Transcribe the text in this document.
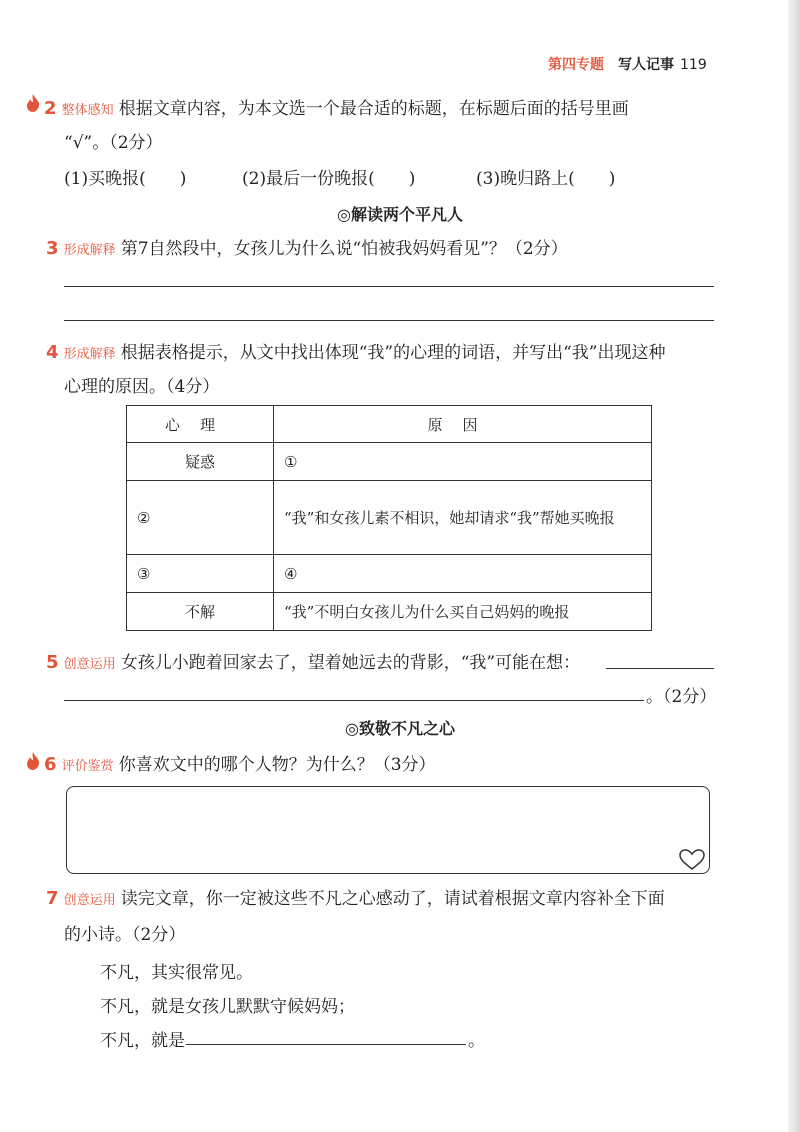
第四专题 写人记事 119
2 整体感知 根据文章内容，为本文选一个最合适的标题，在标题后面的括号里画
“√”。（2分）
(1)买晚报(　　)	(2)最后一份晚报(　　)	(3)晚归路上(　　)
◎解读两个平凡人
3 形成解释 第7自然段中，女孩儿为什么说“怕被我妈妈看见”？（2分）
4 形成解释 根据表格提示，从文中找出体现“我”的心理的词语，并写出“我”出现这种
心理的原因。（4分）
心理	原因
疑惑	①
②	“我”和女孩儿素不相识，她却请求“我”帮她买晚报
③	④
不解	“我”不明白女孩儿为什么买自己妈妈的晚报
5 创意运用 女孩儿小跑着回家去了，望着她远去的背影，“我”可能在想：
。（2分）
◎致敬不凡之心
6 评价鉴赏 你喜欢文中的哪个人物？为什么？（3分）
7 创意运用 读完文章，你一定被这些不凡之心感动了，请试着根据文章内容补全下面
的小诗。（2分）
不凡，其实很常见。
不凡，就是女孩儿默默守候妈妈；
不凡，就是	。
